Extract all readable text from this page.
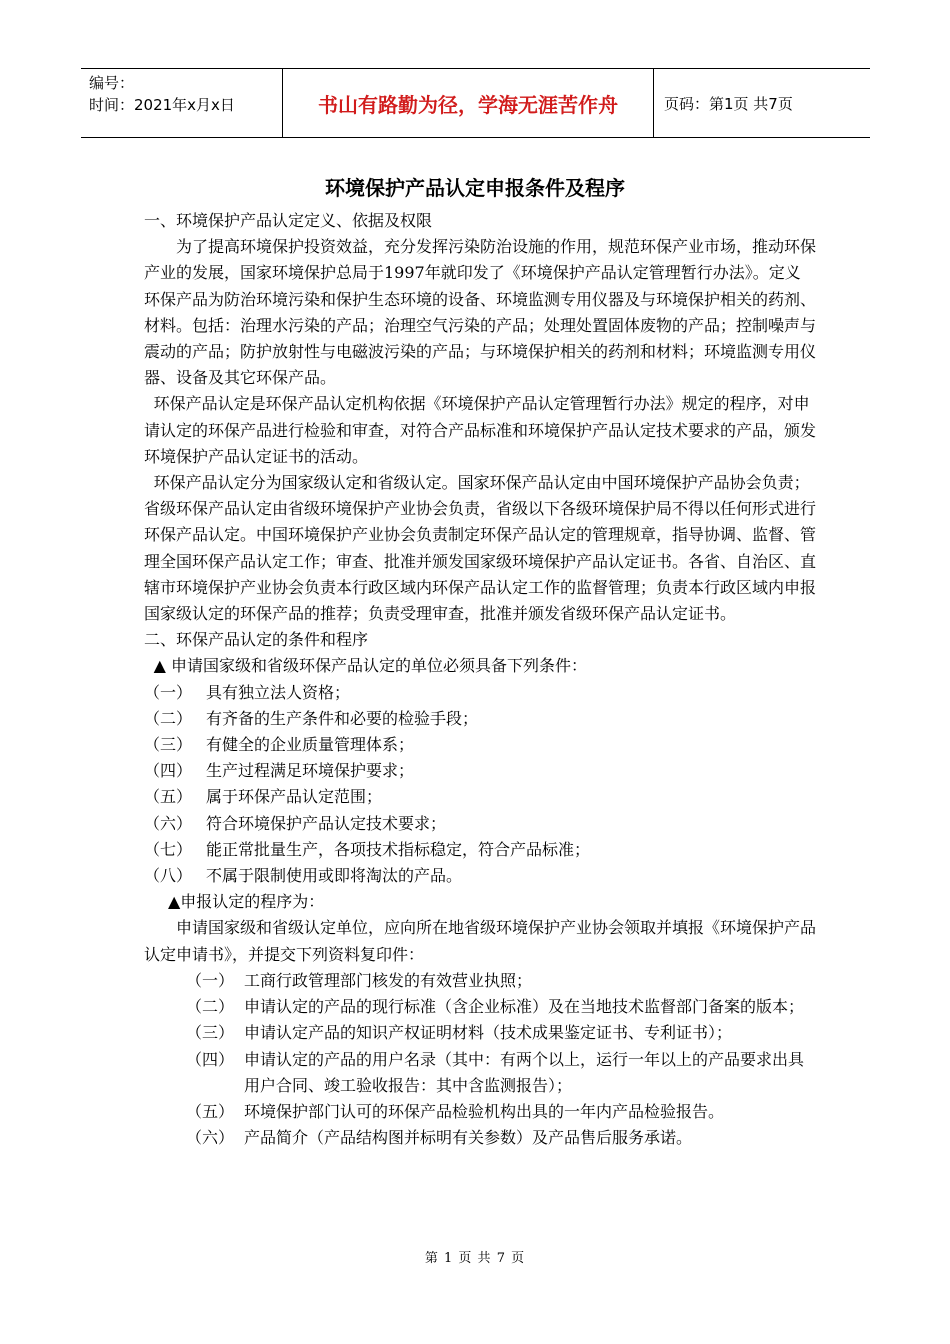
编号：
时间：2021年x月x日	书山有路勤为径，学海无涯苦作舟	页码：第1页 共7页
环境保护产品认定申报条件及程序

一、环境保护产品认定定义、依据及权限

为了提高环境保护投资效益，充分发挥污染防治设施的作用，规范环保产业市场，推动环保产业的发展，国家环境保护总局于1997年就印发了《环境保护产品认定管理暂行办法》。定义环保产品为防治环境污染和保护生态环境的设备、环境监测专用仪器及与环境保护相关的药剂、材料。包括：治理水污染的产品；治理空气污染的产品；处理处置固体废物的产品；控制噪声与震动的产品；防护放射性与电磁波污染的产品；与环境保护相关的药剂和材料；环境监测专用仪器、设备及其它环保产品。

环保产品认定是环保产品认定机构依据《环境保护产品认定管理暂行办法》规定的程序，对申请认定的环保产品进行检验和审查，对符合产品标准和环境保护产品认定技术要求的产品，颁发环境保护产品认定证书的活动。

环保产品认定分为国家级认定和省级认定。国家环保产品认定由中国环境保护产品协会负责；省级环保产品认定由省级环境保护产业协会负责，省级以下各级环境保护局不得以任何形式进行环保产品认定。中国环境保护产业协会负责制定环保产品认定的管理规章，指导协调、监督、管理全国环保产品认定工作；审查、批准并颁发国家级环境保护产品认定证书。各省、自治区、直辖市环境保护产业协会负责本行政区域内环保产品认定工作的监督管理；负责本行政区域内申报国家级认定的环保产品的推荐；负责受理审查，批准并颁发省级环保产品认定证书。

二、环保产品认定的条件和程序

▲ 申请国家级和省级环保产品认定的单位必须具备下列条件：

（一） 具有独立法人资格；
（二） 有齐备的生产条件和必要的检验手段；
（三） 有健全的企业质量管理体系；
（四） 生产过程满足环境保护要求；
（五） 属于环保产品认定范围；
（六） 符合环境保护产品认定技术要求；
（七） 能正常批量生产，各项技术指标稳定，符合产品标准；
（八） 不属于限制使用或即将淘汰的产品。

▲申报认定的程序为：

申请国家级和省级认定单位，应向所在地省级环境保护产业协会领取并填报《环境保护产品认定申请书》，并提交下列资料复印件：

（一） 工商行政管理部门核发的有效营业执照；
（二） 申请认定的产品的现行标准（含企业标准）及在当地技术监督部门备案的版本；
（三） 申请认定产品的知识产权证明材料（技术成果鉴定证书、专利证书）；
（四） 申请认定的产品的用户名录（其中：有两个以上，运行一年以上的产品要求出具用户合同、竣工验收报告：其中含监测报告）；
（五） 环境保护部门认可的环保产品检验机构出具的一年内产品检验报告。
（六） 产品简介（产品结构图并标明有关参数）及产品售后服务承诺。
第 1 页 共 7 页
